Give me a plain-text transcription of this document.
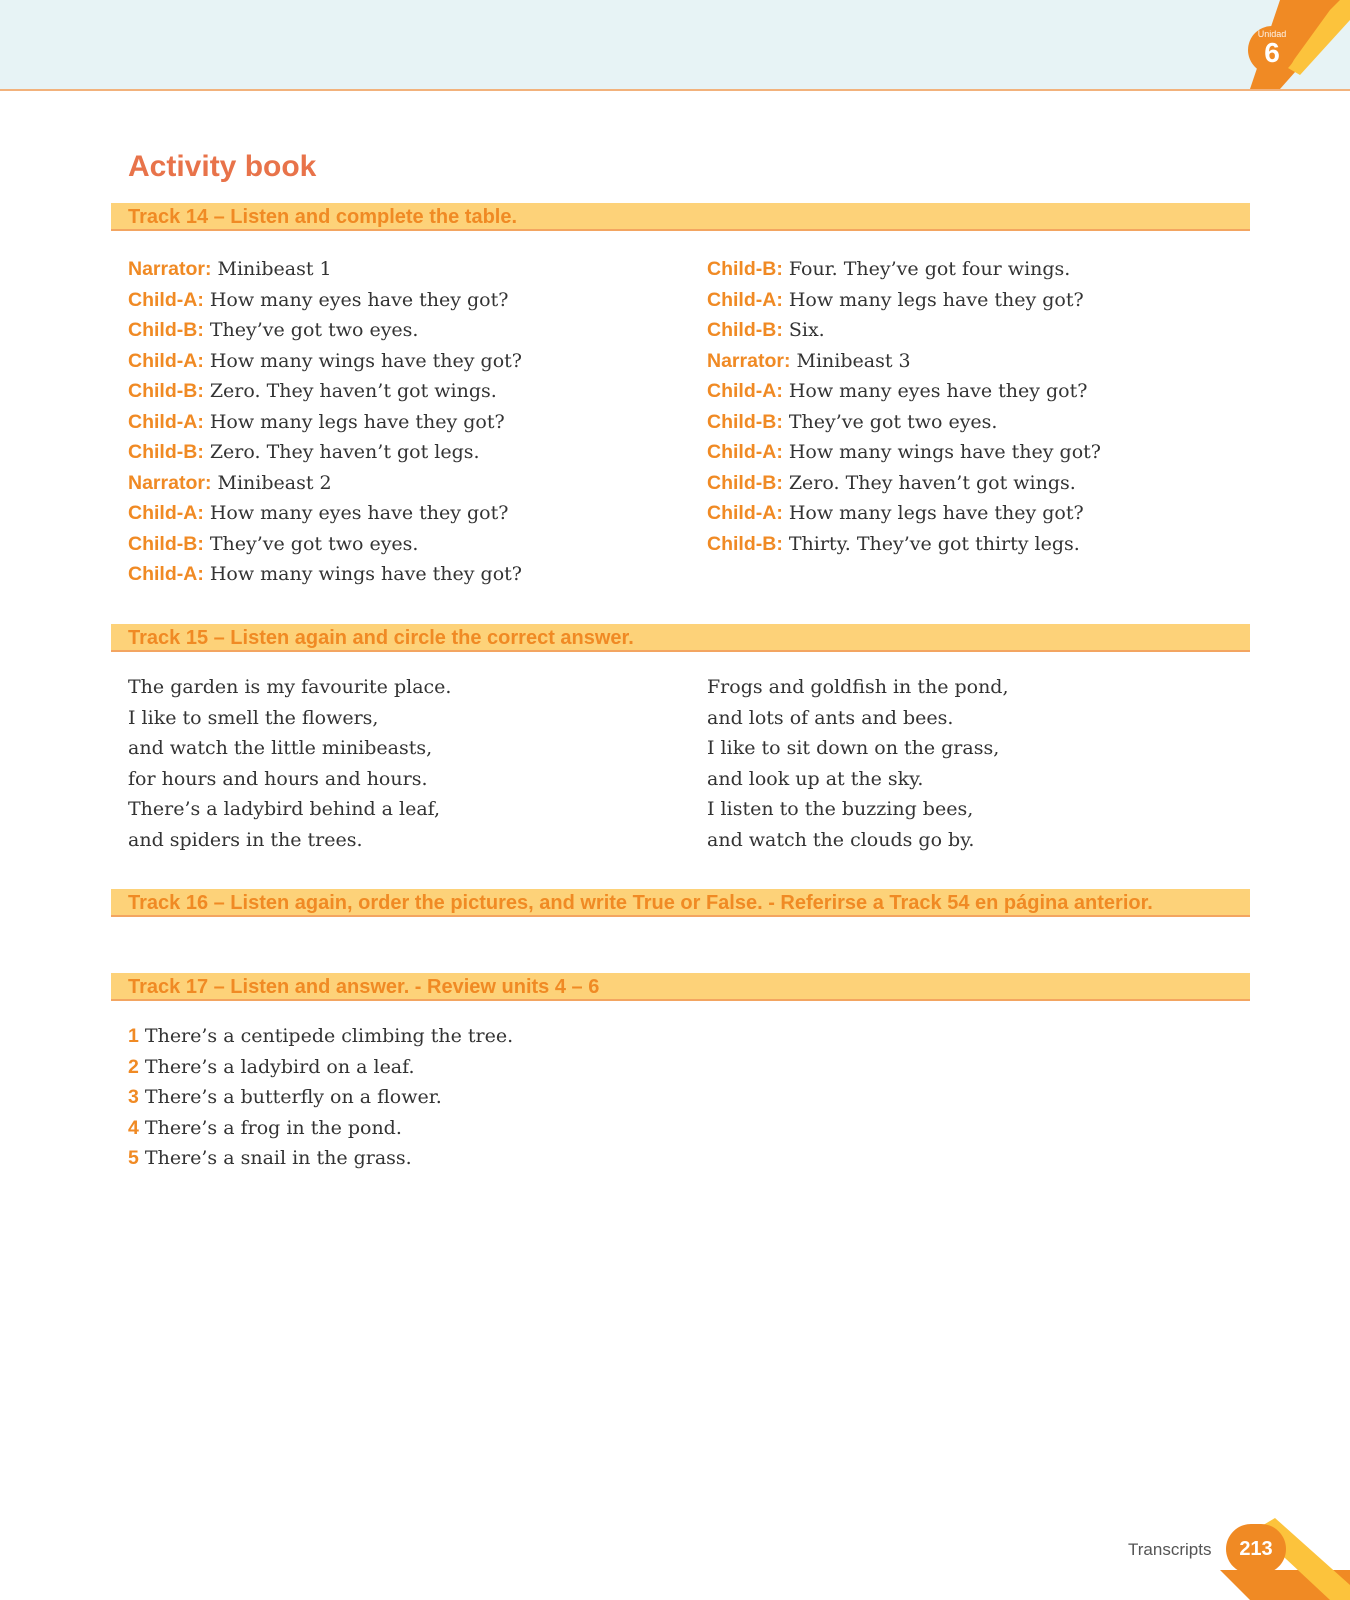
Unidad
6
Activity book
Track 14 – Listen and complete the table.
Narrator: Minibeast 1
Child-A: How many eyes have they got?
Child-B: They’ve got two eyes.
Child-A: How many wings have they got?
Child-B: Zero. They haven’t got wings.
Child-A: How many legs have they got?
Child-B: Zero. They haven’t got legs.
Narrator: Minibeast 2
Child-A: How many eyes have they got?
Child-B: They’ve got two eyes.
Child-A: How many wings have they got?
Child-B: Four. They’ve got four wings.
Child-A: How many legs have they got?
Child-B: Six.
Narrator: Minibeast 3
Child-A: How many eyes have they got?
Child-B: They’ve got two eyes.
Child-A: How many wings have they got?
Child-B: Zero. They haven’t got wings.
Child-A: How many legs have they got?
Child-B: Thirty. They’ve got thirty legs.
Track 15 – Listen again and circle the correct answer.
The garden is my favourite place.
I like to smell the flowers,
and watch the little minibeasts,
for hours and hours and hours.
There’s a ladybird behind a leaf,
and spiders in the trees.
Frogs and goldfish in the pond,
and lots of ants and bees.
I like to sit down on the grass,
and look up at the sky.
I listen to the buzzing bees,
and watch the clouds go by.
Track 16 – Listen again, order the pictures, and write True or False. - Referirse a Track 54 en página anterior.
Track 17 – Listen and answer. - Review units 4 – 6
1 There’s a centipede climbing the tree.
2 There’s a ladybird on a leaf.
3 There’s a butterfly on a flower.
4 There’s a frog in the pond.
5 There’s a snail in the grass.
Transcripts	213
